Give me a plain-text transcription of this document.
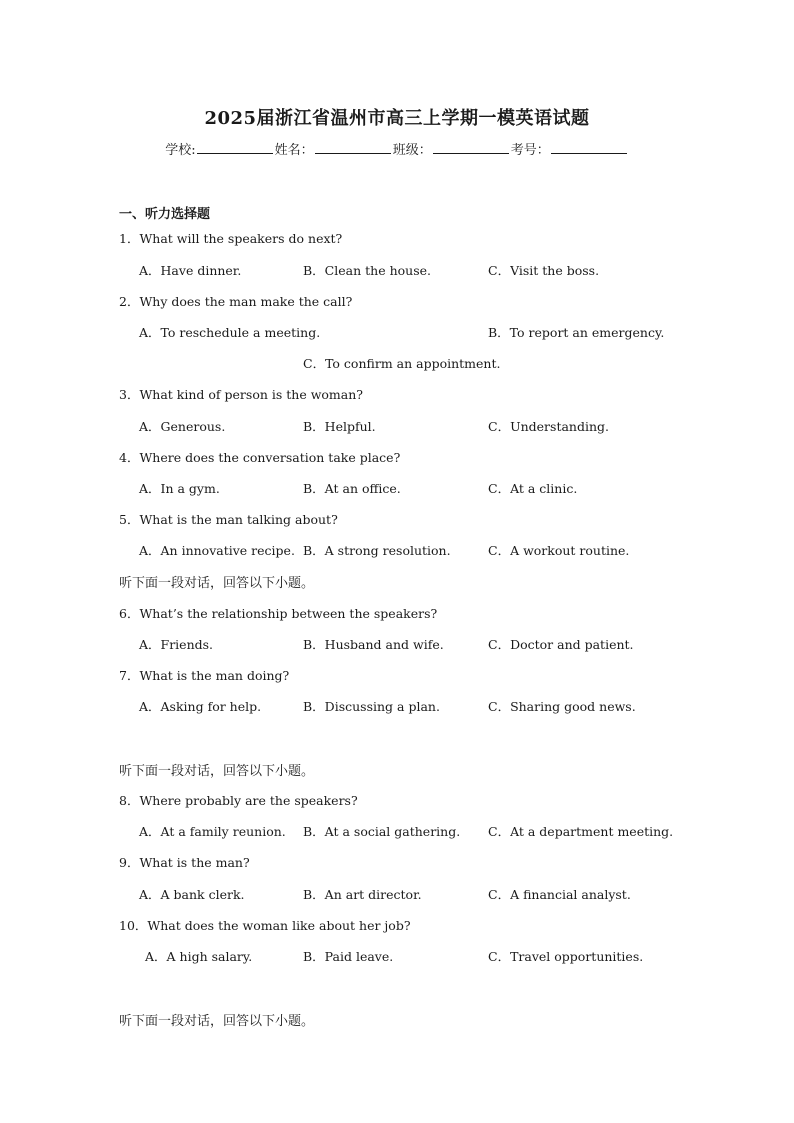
2025届浙江省温州市高三上学期一模英语试题
学校:	姓名：	班级：	考号：
一、听力选择题
1．What will the speakers do next?
A．Have dinner.	B．Clean the house.	C．Visit the boss.
2．Why does the man make the call?
A．To reschedule a meeting.	B．To report an emergency.
C．To confirm an appointment.
3．What kind of person is the woman?
A．Generous.	B．Helpful.	C．Understanding.
4．Where does the conversation take place?
A．In a gym.	B．At an office.	C．At a clinic.
5．What is the man talking about?
A．An innovative recipe. B．A strong resolution.	C．A workout routine.
听下面一段对话，回答以下小题。
6．What’s the relationship between the speakers?
A．Friends.	B．Husband and wife.	C．Doctor and patient.
7．What is the man doing?
A．Asking for help.	B．Discussing a plan.	C．Sharing good news.
听下面一段对话，回答以下小题。
8．Where probably are the speakers?
A．At a family reunion. B．At a social gathering. C．At a department meeting.
9．What is the man?
A．A bank clerk.	B．An art director.	C．A financial analyst.
10．What does the woman like about her job?
A．A high salary.	B．Paid leave.	C．Travel opportunities.
听下面一段对话，回答以下小题。
